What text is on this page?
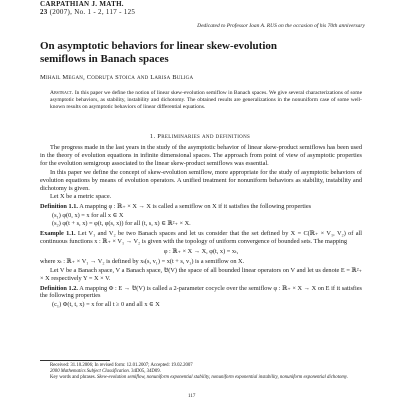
CARPATHIAN J. MATH.
23 (2007), No. 1 - 2, 117 - 125
Dedicated to Professor Ioan A. RUS on the occasion of his 70th anniversary
On asymptotic behaviors for linear skew-evolution
semiflows in Banach spaces
Mihail Megan, Codruţa Stoica and Larisa Buliga
Abstract. In this paper we define the notion of linear skew-evolution semiflow in Banach spaces. We give several characterizations of some asymptotic behaviors, as stability, instability and dichotomy. The obtained results are generalizations in the nonuniform case of some well-known results on asymptotic behaviors of linear differential equations.
1. Preliminaries and definitions

The progress made in the last years in the study of the asymptotic behavior of linear skew-product semiflows has been used in the theory of evolution equations in infinite dimensional spaces. The approach from point of view of asymptotic properties for the evolution semigroup associated to the linear skew-product semiflows was essential.

In this paper we define the concept of skew-evolution semiflow, more appropriate for the study of asymptotic behaviors of evolution equations by means of evolution operators. A unified treatment for nonuniform behaviors as stability, instability and dichotomy is given.

Let X be a metric space.

Definition 1.1. A mapping φ : ℝ₊ × X → X is called a semiflow on X if it satisfies the following properties

(s₁) φ(0, x) = x for all x ∈ X

(s₂) φ(t + s, x) = φ(t, φ(s, x)) for all (t, s, x) ∈ ℝ²₊ × X.

Example 1.1. Let V₁ and V₂ be two Banach spaces and let us consider that the set defined by X = C(ℝ₊ × V₁, V₂) of all continuous functions x : ℝ₊ × V₁ → V₂ is given with the topology of uniform convergence of bounded sets. The mapping

φ : ℝ₊ × X → X, φ(t, x) = xₜ,

where xₜ : ℝ₊ × V₁ → V₂ is defined by xₜ(s, v₁) = x(t + s, v₁) is a semiflow on X.

Let V be a Banach space, V a Banach space, 𝔅(V) the space of all bounded linear operators on V and let us denote E = ℝ²₊ × X respectively Y = X × V.

Definition 1.2. A mapping Φ : E → 𝔅(V) is called a 2-parameter cocycle over the semiflow φ : ℝ₊ × X → X on E if it satisfies the following properties

(c₁) Φ(t, t, x) = x for all t ≥ 0 and all x ∈ X

Received: 31.10.2006; In revised form: 12.01.2007; Accepted: 19.02.2007
2000 Mathematics Subject Classification. 34D05, 34D09.
Key words and phrases. Skew-evolution semiflow, nonuniform exponential stability, nonuniform exponential instability, nonuniform exponential dichotomy.
117
